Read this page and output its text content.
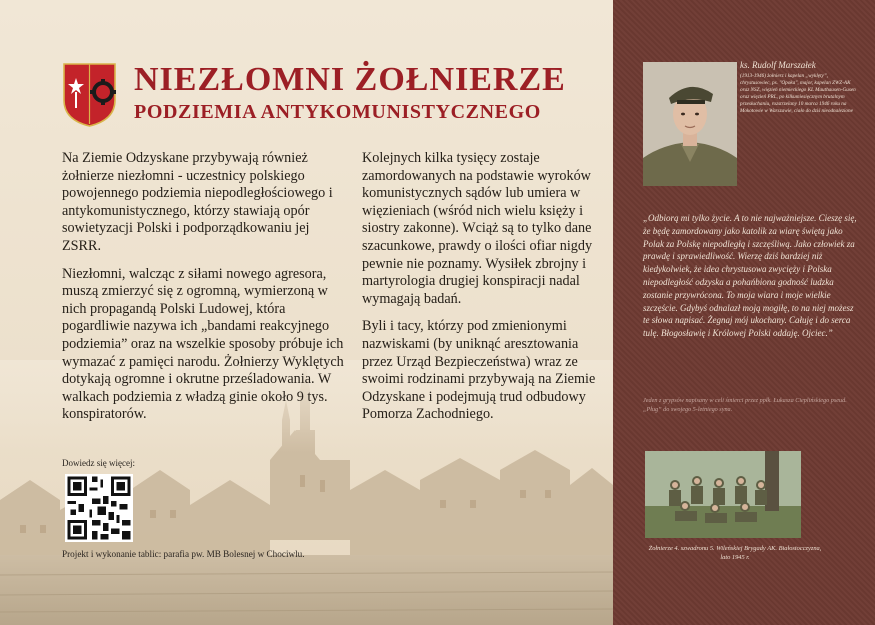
NIEZŁOMNI ŻOŁNIERZE
PODZIEMIA ANTYKOMUNISTYCZNEGO

Na Ziemie Odzyskane przybywają również żołnierze niezłomni - uczestnicy polskiego powojennego podziemia niepodległościowego i antykomunistycznego, którzy stawiają opór sowietyzacji Polski i podporządkowaniu jej ZSRR.

Niezłomni, walcząc z siłami nowego agresora, muszą zmierzyć się z ogromną, wymierzoną w nich propagandą Polski Ludowej, która pogardliwie nazywa ich „bandami reakcyjnego podziemia” oraz na wszelkie sposoby próbuje ich wymazać z pamięci narodu. Żołnierzy Wyklętych dotykają ogromne i okrutne prześladowania. W walkach podziemia z władzą ginie około 9 tys. konspiratorów.

Kolejnych kilka tysięcy zostaje zamordowanych na podstawie wyroków komunistycznych sądów lub umiera w więzieniach (wśród nich wielu księży i siostry zakonne). Wciąż są to tylko dane szacunkowe, prawdy o ilości ofiar nigdy pewnie nie poznamy. Wysiłek zbrojny i martyrologia drugiej konspiracji nadal wymagają badań.

Byli i tacy, którzy pod zmienionymi nazwiskami (by uniknąć aresztowania przez Urząd Bezpieczeństwa) wraz ze swoimi rodzinami przybywają na Ziemie Odzyskane i podejmują trud odbudowy Pomorza Zachodniego.

Dowiedz się więcej:
Projekt i wykonanie tablic: parafia pw. MB Bolesnej w Chociwlu.
ks. Rudolf Marszałek
(1913-1946) żołnierz i kapelan „wyklęty”, chrystusowiec, ps. "Opoka", major, kapelan ZWZ-AK oraz NSZ, więzień niemieckiego KL Mauthausen-Gusen oraz więzień PRL, po kilkumiesięcznym brutalnym przesłuchaniu, rozstrzelany 10 marca 1946 roku na Mokotowie w Warszawie, ciało do dziś nieodnalezione
„Odbiorą mi tylko życie. A to nie najważniejsze. Cieszę się, że będę zamordowany jako katolik za wiarę świętą jako Polak za Polskę niepodległą i szczęśliwą. Jako człowiek za prawdę i sprawiedliwość. Wierzę dziś bardziej niż kiedykolwiek, że idea chrystusowa zwycięży i Polska niepodległość odzyska a pohańbiona godność ludzka zostanie przywrócona. To moja wiara i moje wielkie szczęście. Gdybyś odnalazł moją mogiłę, to na niej możesz te słowa napisać. Żegnaj mój ukochany. Całuję i do serca tulę. Błogosławię i Królowej Polski oddaję. Ojciec.”
Jeden z grypsów napisany w celi śmierci przez ppłk. Łukasza Cieplińskiego pseud. „Pług” do swojego 5-letniego syna.
Żołnierze 4. szwadronu 5. Wileńskiej Brygady AK. Białostocczyzna, lato 1945 r.
